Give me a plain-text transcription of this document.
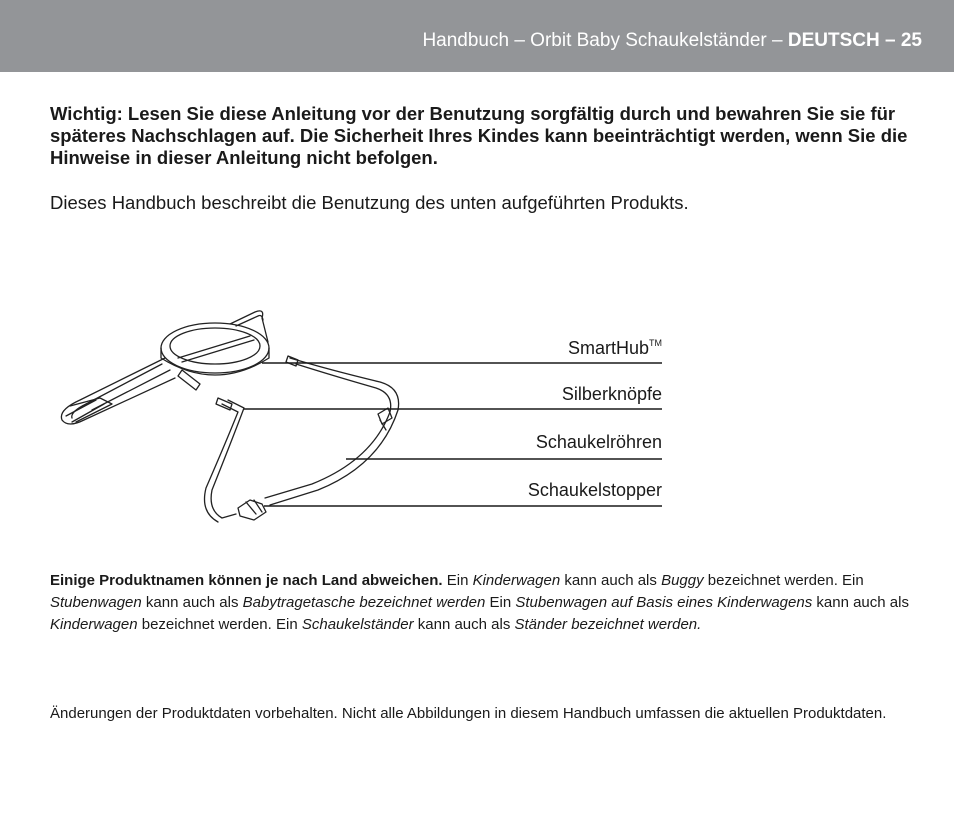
Handbuch – Orbit Baby Schaukelständer – DEUTSCH – 25

Wichtig: Lesen Sie diese Anleitung vor der Benutzung sorgfältig durch und bewahren Sie sie für späteres Nachschlagen auf. Die Sicherheit Ihres Kindes kann beeinträchtigt werden, wenn Sie die Hinweise in dieser Anleitung nicht befolgen.

Dieses Handbuch beschreibt die Benutzung des unten aufgeführten Produkts.

SmartHub™
Silberknöpfe
Schaukelröhren
Schaukelstopper

Einige Produktnamen können je nach Land abweichen. Ein Kinderwagen kann auch als Buggy bezeichnet werden. Ein Stubenwagen kann auch als Babytragetasche bezeichnet werden Ein Stubenwagen auf Basis eines Kinderwagens kann auch als Kinderwagen bezeichnet werden. Ein Schaukelständer kann auch als Ständer bezeichnet werden.

Änderungen der Produktdaten vorbehalten. Nicht alle Abbildungen in diesem Handbuch umfassen die aktuellen Produktdaten.
